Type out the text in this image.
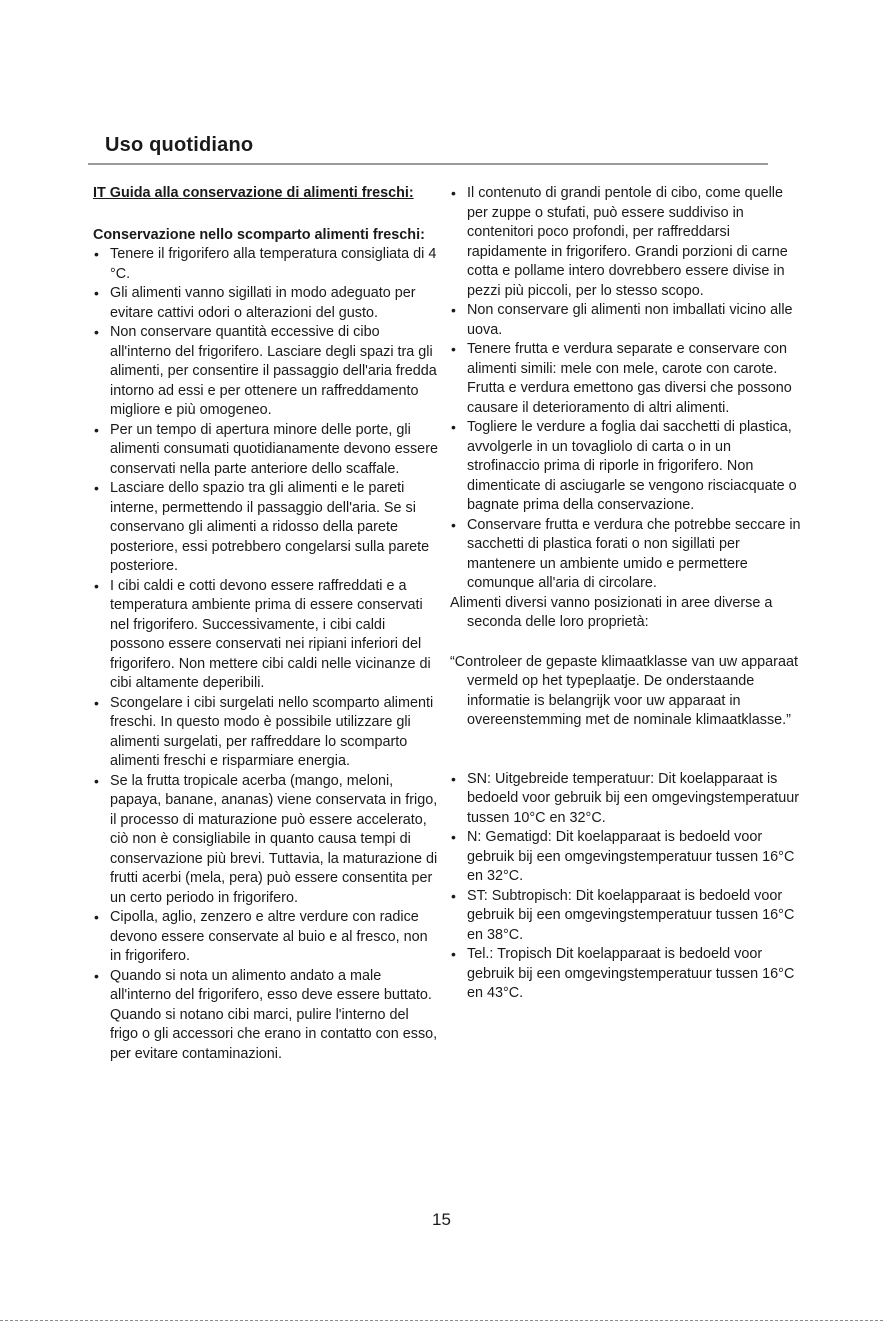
Uso quotidiano

IT Guida alla conservazione di alimenti freschi:

Conservazione nello scomparto alimenti freschi:

• Tenere il frigorifero alla temperatura consigliata di 4 °C.
• Gli alimenti vanno sigillati in modo adeguato per evitare cattivi odori o alterazioni del gusto.
• Non conservare quantità eccessive di cibo all'interno del frigorifero. Lasciare degli spazi tra gli alimenti, per consentire il passaggio dell'aria fredda intorno ad essi e per ottenere un raffreddamento migliore e più omogeneo.
• Per un tempo di apertura minore delle porte, gli alimenti consumati quotidianamente devono essere conservati nella parte anteriore dello scaffale.
• Lasciare dello spazio tra gli alimenti e le pareti interne, permettendo il passaggio dell'aria. Se si conservano gli alimenti a ridosso della parete posteriore, essi potrebbero congelarsi sulla parete posteriore.
• I cibi caldi e cotti devono essere raffreddati e a temperatura ambiente prima di essere conservati nel frigorifero. Successivamente, i cibi caldi possono essere conservati nei ripiani inferiori del frigorifero. Non mettere cibi caldi nelle vicinanze di cibi altamente deperibili.
• Scongelare i cibi surgelati nello scomparto alimenti freschi. In questo modo è possibile utilizzare gli alimenti surgelati, per raffreddare lo scomparto alimenti freschi e risparmiare energia.
• Se la frutta tropicale acerba (mango, meloni, papaya, banane, ananas) viene conservata in frigo, il processo di maturazione può essere accelerato, ciò non è consigliabile in quanto causa tempi di conservazione più brevi. Tuttavia, la maturazione di frutti acerbi (mela, pera) può essere consentita per un certo periodo in frigorifero.
• Cipolla, aglio, zenzero e altre verdure con radice devono essere conservate al buio e al fresco, non in frigorifero.
• Quando si nota un alimento andato a male all'interno del frigorifero, esso deve essere buttato. Quando si notano cibi marci, pulire l'interno del frigo o gli accessori che erano in contatto con esso, per evitare contaminazioni.
• Il contenuto di grandi pentole di cibo, come quelle per zuppe o stufati, può essere suddiviso in contenitori poco profondi, per raffreddarsi rapidamente in frigorifero. Grandi porzioni di carne cotta e pollame intero dovrebbero essere divise in pezzi più piccoli, per lo stesso scopo.
• Non conservare gli alimenti non imballati vicino alle uova.
• Tenere frutta e verdura separate e conservare con alimenti simili: mele con mele, carote con carote. Frutta e verdura emettono gas diversi che possono causare il deterioramento di altri alimenti.
• Togliere le verdure a foglia dai sacchetti di plastica, avvolgerle in un tovagliolo di carta o in un strofinaccio prima di riporle in frigorifero. Non dimenticate di asciugarle se vengono risciacquate o bagnate prima della conservazione.
• Conservare frutta e verdura che potrebbe seccare in sacchetti di plastica forati o non sigillati per mantenere un ambiente umido e permettere comunque all'aria di circolare.

Alimenti diversi vanno posizionati in aree diverse a seconda delle loro proprietà:

“Controleer de gepaste klimaatklasse van uw apparaat vermeld op het typeplaatje. De onderstaande informatie is belangrijk voor uw apparaat in overeenstemming met de nominale klimaatklasse.”

• SN: Uitgebreide temperatuur: Dit koelapparaat is bedoeld voor gebruik bij een omgevingstemperatuur tussen 10°C en 32°C.
• N: Gematigd: Dit koelapparaat is bedoeld voor gebruik bij een omgevingstemperatuur tussen 16°C en 32°C.
• ST: Subtropisch: Dit koelapparaat is bedoeld voor gebruik bij een omgevingstemperatuur tussen 16°C en 38°C.
• Tel.: Tropisch Dit koelapparaat is bedoeld voor gebruik bij een omgevingstemperatuur tussen 16°C en 43°C.
15
